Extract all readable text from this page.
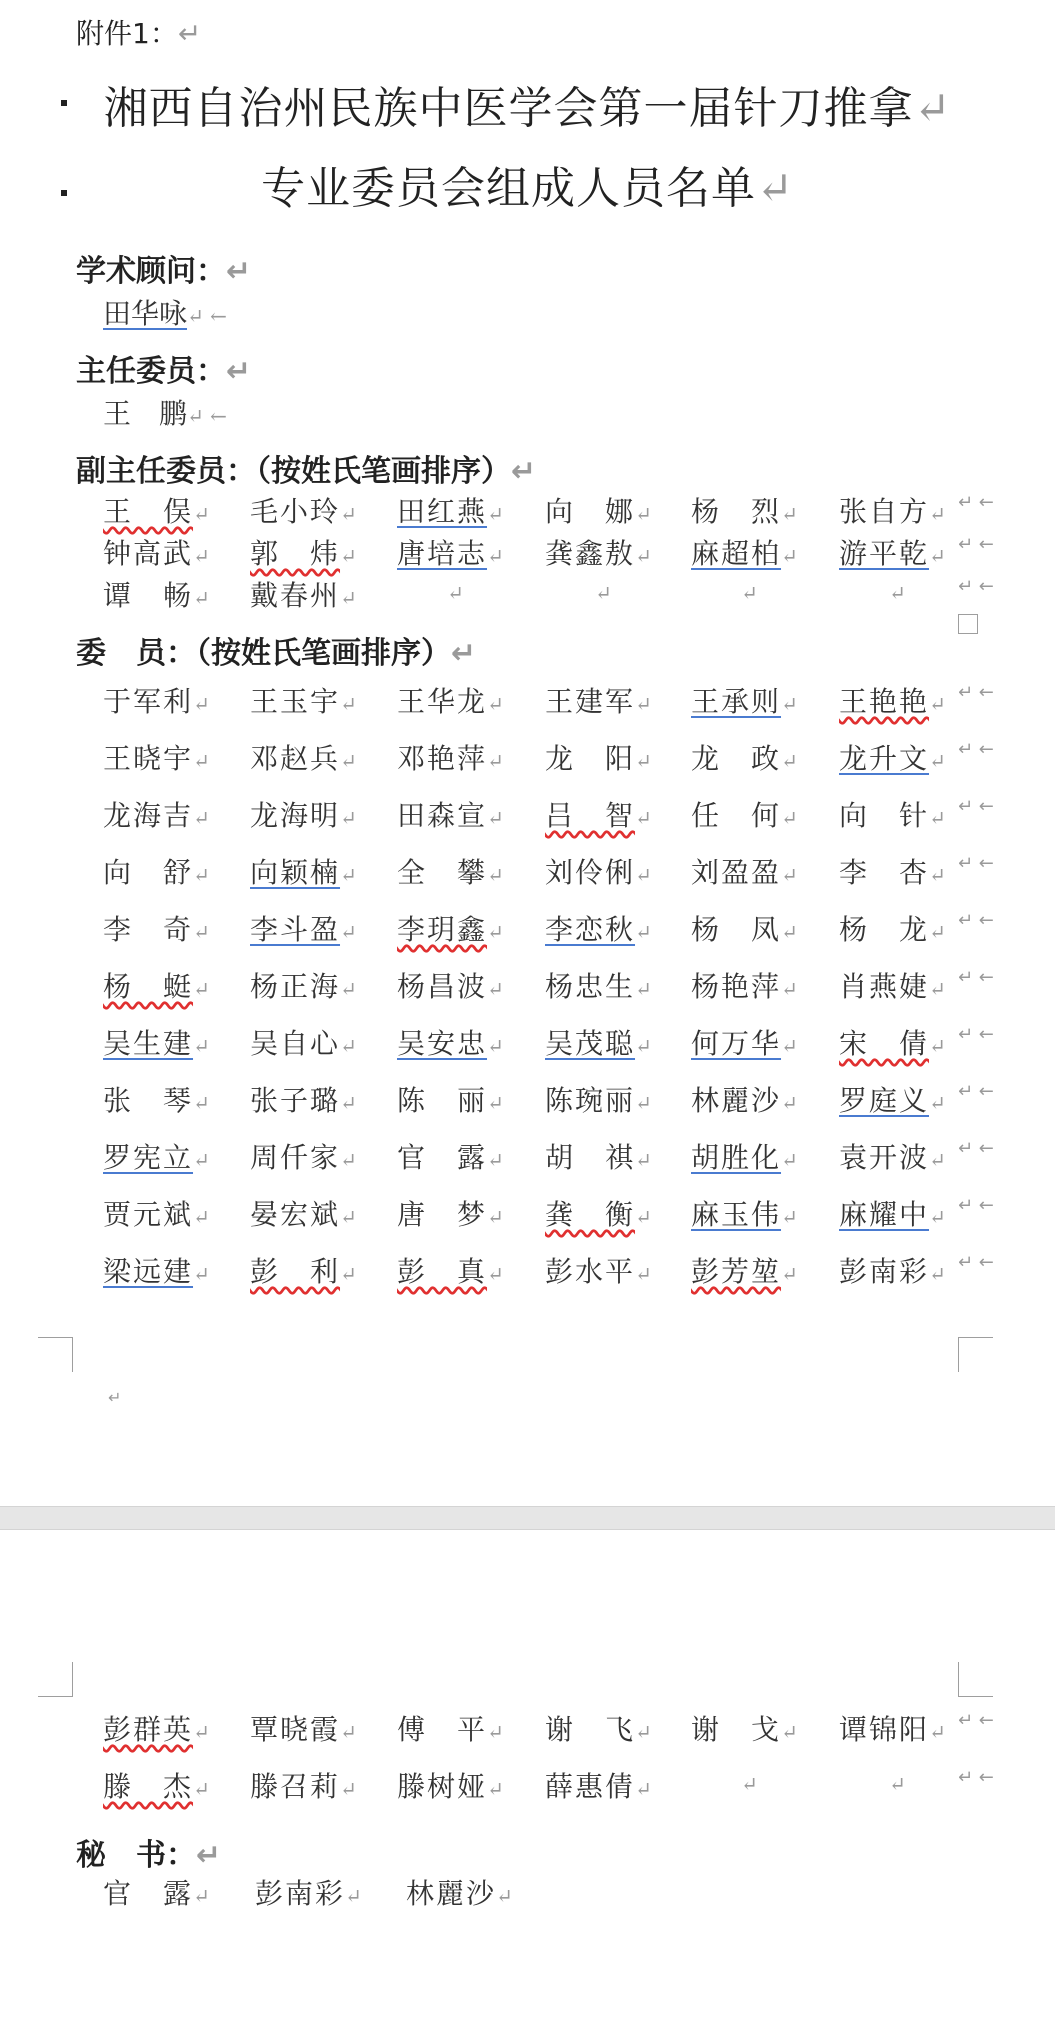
附件1：↵
湘西自治州民族中医学会第一届针刀推拿↵
专业委员会组成人员名单↵
学术顾问：↵
田华咏↵ ←
主任委员：↵
王　鹏↵ ←
副主任委员：（按姓氏笔画排序）↵
王　俣↵ 毛小玲↵ 田红燕↵ 向　娜↵ 杨　烈↵ 张自方↵ ↵ ←
钟高武↵ 郭　炜↵ 唐培志↵ 龚鑫敖↵ 麻超柏↵ 游平乾↵ ↵ ←
谭　畅↵ 戴春州↵	↵	↵	↵	↵	↵ ←
委　员：（按姓氏笔画排序）↵
于军利↵ 王玉宇↵ 王华龙↵ 王建军↵ 王承则↵ 王艳艳↵ ↵ ←
王晓宇↵ 邓赵兵↵ 邓艳萍↵ 龙　阳↵ 龙　政↵ 龙升文↵ ↵ ←
龙海吉↵ 龙海明↵ 田森宣↵ 吕　智↵ 任　何↵ 向　针↵ ↵ ←
向　舒↵ 向颖楠↵ 全　攀↵ 刘伶俐↵ 刘盈盈↵ 李　杏↵ ↵ ←
李　奇↵ 李斗盈↵ 李玥鑫↵ 李恋秋↵ 杨　凤↵ 杨　龙↵ ↵ ←
杨　蜓↵ 杨正海↵ 杨昌波↵ 杨忠生↵ 杨艳萍↵ 肖燕婕↵ ↵ ←
吴生建↵ 吴自心↵ 吴安忠↵ 吴茂聪↵ 何万华↵ 宋　倩↵ ↵ ←
张　琴↵ 张子璐↵ 陈　丽↵ 陈琬丽↵ 林麗沙↵ 罗庭义↵ ↵ ←
罗宪立↵ 周仟家↵ 官　露↵ 胡　祺↵ 胡胜化↵ 袁开波↵ ↵ ←
贾元斌↵ 晏宏斌↵ 唐　梦↵ 龚　衡↵ 麻玉伟↵ 麻耀中↵ ↵ ←
梁远建↵ 彭　利↵ 彭　真↵ 彭水平↵ 彭芳堃↵ 彭南彩↵ ↵ ←
↵
彭群英↵ 覃晓霞↵ 傅　平↵ 谢　飞↵ 谢　戈↵ 谭锦阳↵ ↵ ←
滕　杰↵ 滕召莉↵ 滕树娅↵ 薛惠倩↵	↵	↵	↵ ←
秘　书：↵
官　露↵ 彭南彩↵ 林麗沙↵
